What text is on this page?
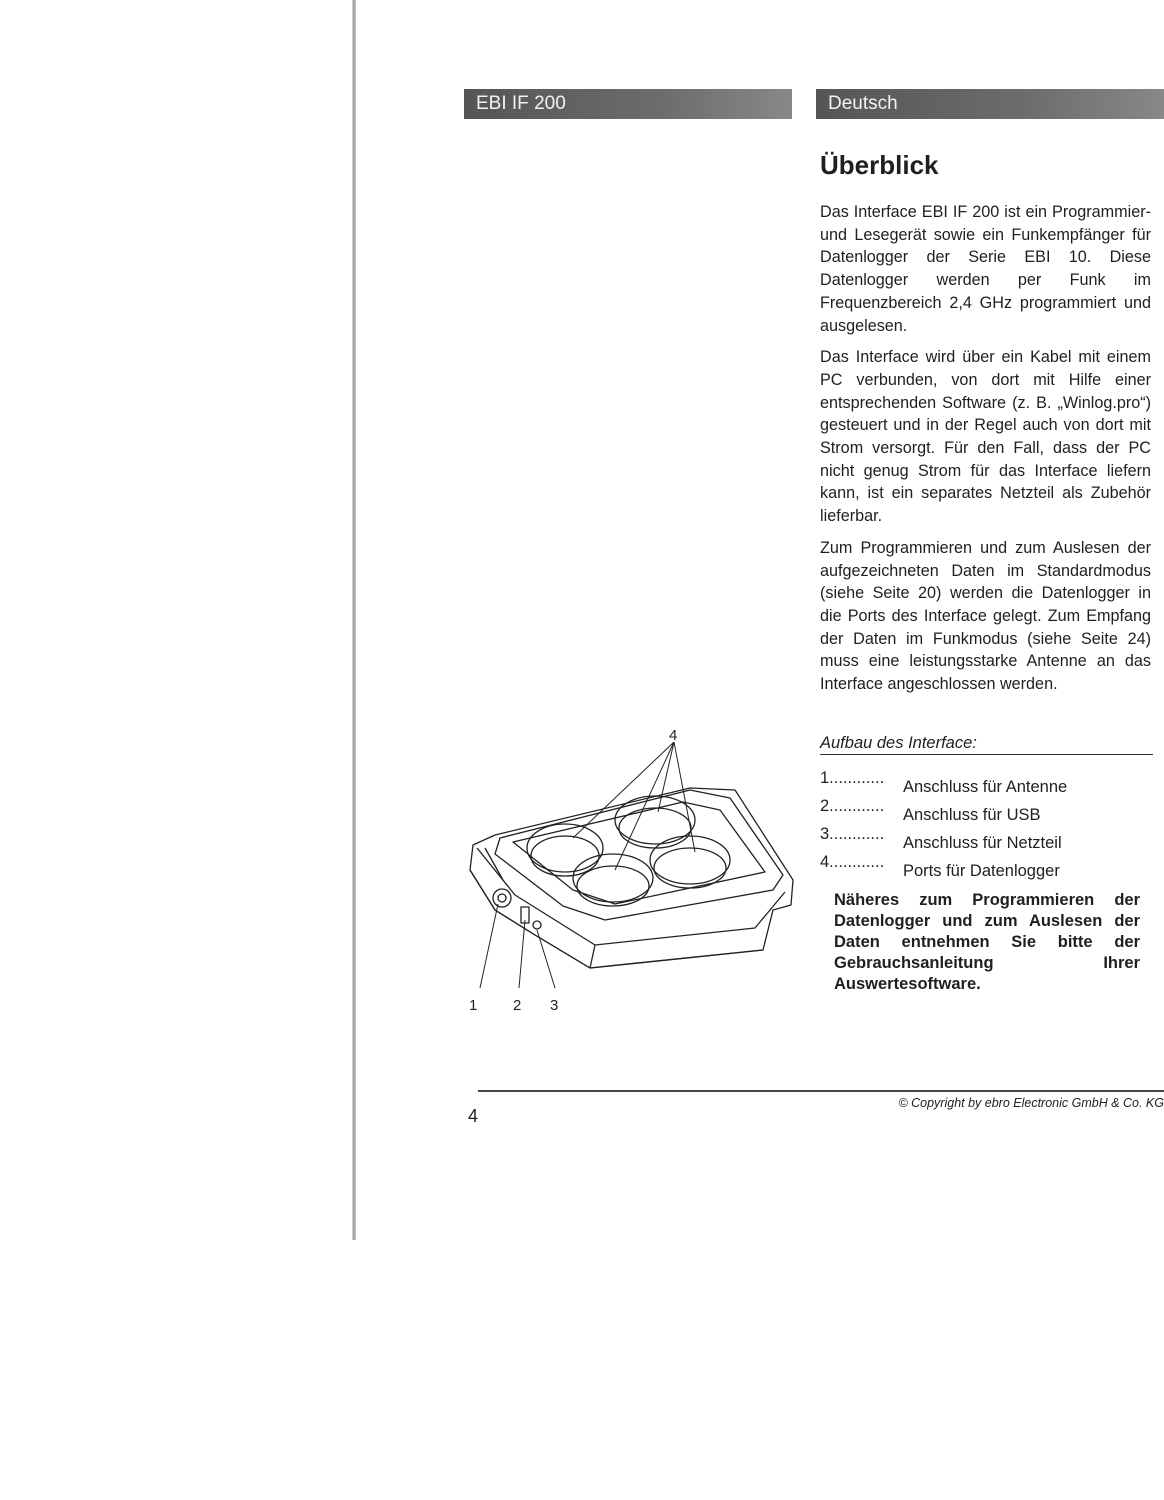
EBI IF 200	Deutsch
Überblick

Das Interface EBI IF 200 ist ein Programmier- und Lesegerät sowie ein Funkempfänger für Datenlogger der Serie EBI 10. Diese Datenlogger werden per Funk im Frequenzbereich 2,4 GHz programmiert und ausgelesen.

Das Interface wird über ein Kabel mit einem PC verbunden, von dort mit Hilfe einer entsprechenden Software (z. B. „Winlog.pro“) gesteuert und in der Regel auch von dort mit Strom versorgt. Für den Fall, dass der PC nicht genug Strom für das Interface liefern kann, ist ein separates Netzteil als Zubehör lieferbar.

Zum Programmieren und zum Auslesen der aufgezeichneten Daten im Standardmodus (siehe Seite 20) werden die Datenlogger in die Ports des Interface gelegt. Zum Empfang der Daten im Funkmodus (siehe Seite 24) muss eine leistungsstarke Antenne an das Interface angeschlossen werden.

Aufbau des Interface:
1............ Anschluss für Antenne
2............ Anschluss für USB
3............ Anschluss für Netzteil
4............ Ports für Datenlogger
Näheres zum Programmieren der Datenlogger und zum Auslesen der Daten entnehmen Sie bitte der Gebrauchsanleitung Ihrer Auswertesoftware.
4
1 2 3
© Copyright by ebro Electronic GmbH & Co. KG
4
